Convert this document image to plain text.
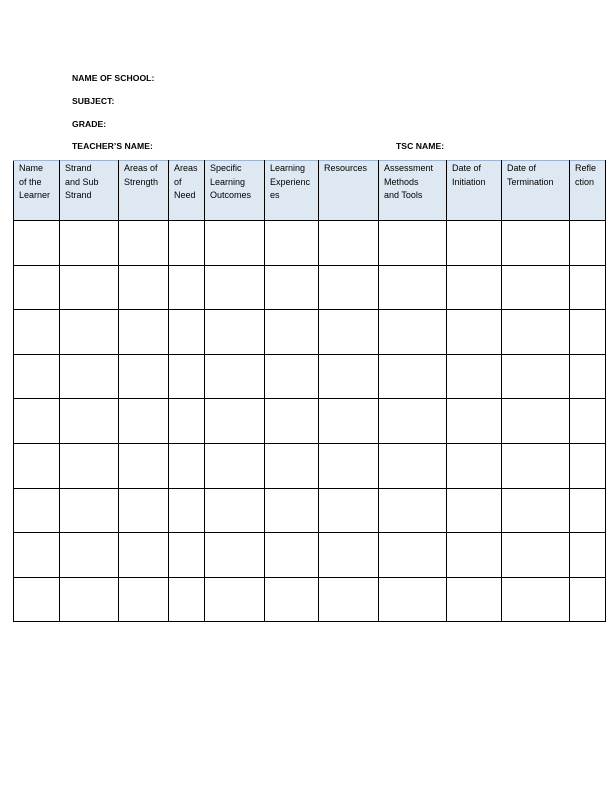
NAME OF SCHOOL:
SUBJECT:
GRADE:
TEACHER’S NAME:	TSC NAME:
Name
of the
Learner	Strand
and Sub
Strand	Areas of
Strength	Areas
of
Need	Specific
Learning
Outcomes	Learning
Experienc
es	Resources	Assessment
Methods
and Tools	Date of
Initiation	Date of
Termination	Refle
ction
